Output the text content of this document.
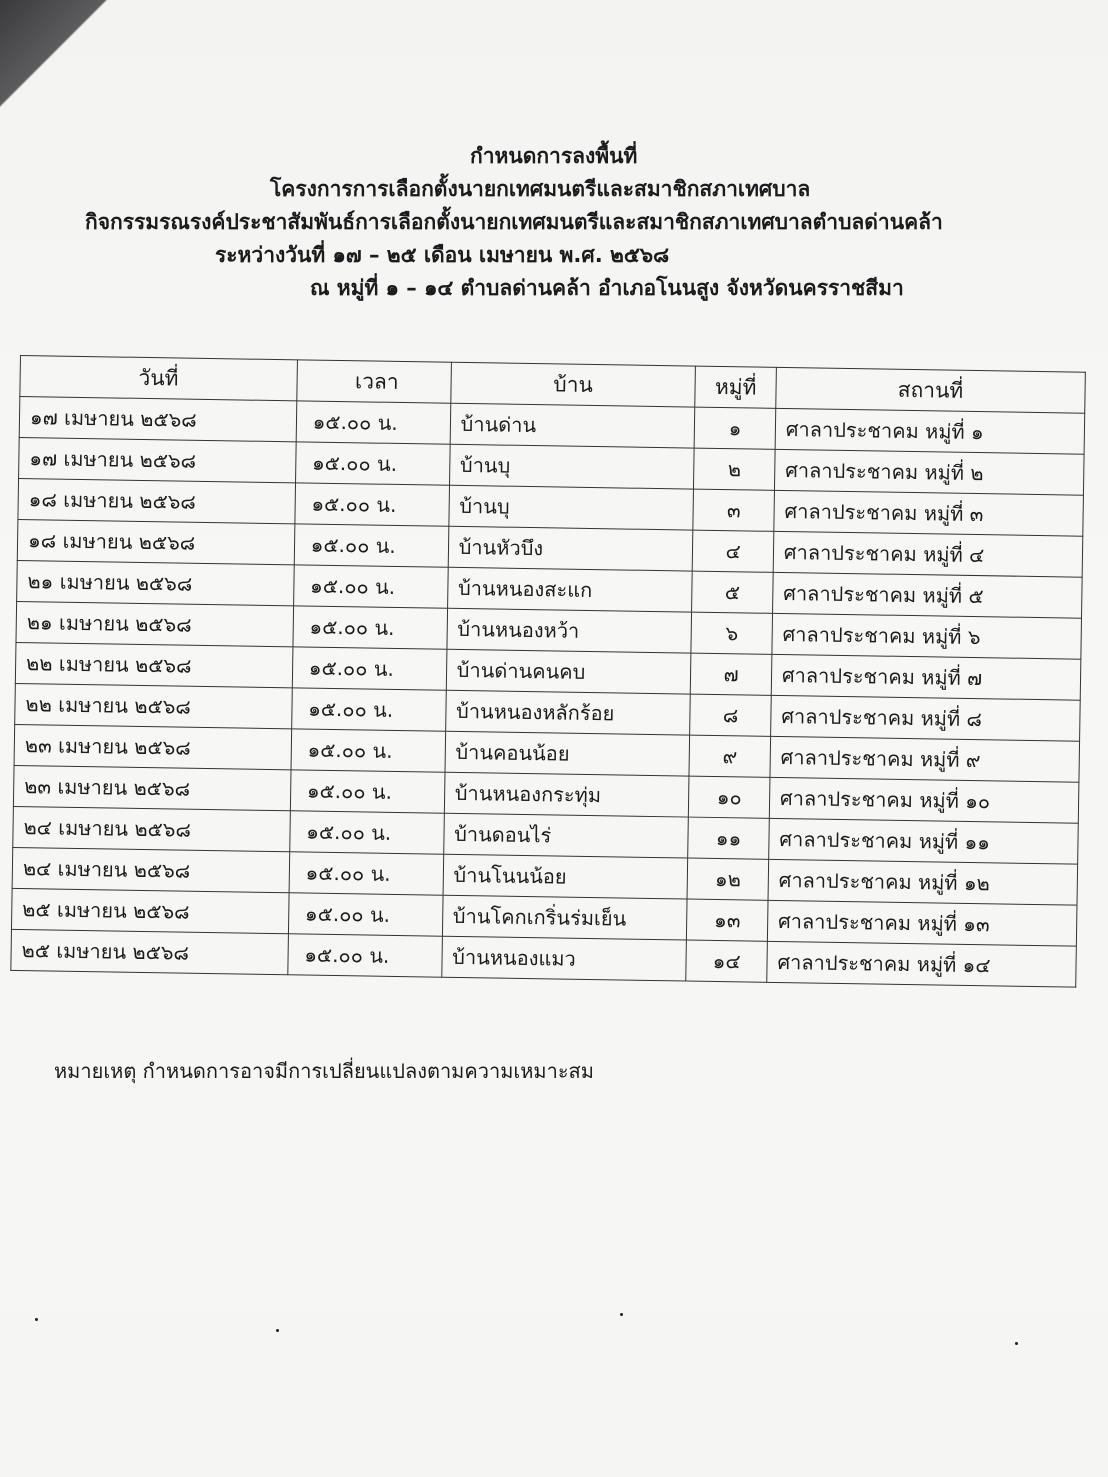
กำหนดการลงพื้นที่
โครงการการเลือกตั้งนายกเทศมนตรีและสมาชิกสภาเทศบาล
กิจกรรมรณรงค์ประชาสัมพันธ์การเลือกตั้งนายกเทศมนตรีและสมาชิกสภาเทศบาลตำบลด่านคล้า
ระหว่างวันที่ ๑๗ – ๒๕ เดือน เมษายน พ.ศ. ๒๕๖๘
ณ หมู่ที่ ๑ – ๑๔ ตำบลด่านคล้า อำเภอโนนสูง จังหวัดนครราชสีมา
วันที่	เวลา	บ้าน	หมู่ที่	สถานที่
๑๗ เมษายน ๒๕๖๘	๑๕.๐๐ น.	บ้านด่าน	๑	ศาลาประชาคม หมู่ที่ ๑
๑๗ เมษายน ๒๕๖๘	๑๕.๐๐ น.	บ้านบุ	๒	ศาลาประชาคม หมู่ที่ ๒
๑๘ เมษายน ๒๕๖๘	๑๕.๐๐ น.	บ้านบุ	๓	ศาลาประชาคม หมู่ที่ ๓
๑๘ เมษายน ๒๕๖๘	๑๕.๐๐ น.	บ้านหัวบึง	๔	ศาลาประชาคม หมู่ที่ ๔
๒๑ เมษายน ๒๕๖๘	๑๕.๐๐ น.	บ้านหนองสะแก	๕	ศาลาประชาคม หมู่ที่ ๕
๒๑ เมษายน ๒๕๖๘	๑๕.๐๐ น.	บ้านหนองหว้า	๖	ศาลาประชาคม หมู่ที่ ๖
๒๒ เมษายน ๒๕๖๘	๑๕.๐๐ น.	บ้านด่านคนคบ	๗	ศาลาประชาคม หมู่ที่ ๗
๒๒ เมษายน ๒๕๖๘	๑๕.๐๐ น.	บ้านหนองหลักร้อย	๘	ศาลาประชาคม หมู่ที่ ๘
๒๓ เมษายน ๒๕๖๘	๑๕.๐๐ น.	บ้านคอนน้อย	๙	ศาลาประชาคม หมู่ที่ ๙
๒๓ เมษายน ๒๕๖๘	๑๕.๐๐ น.	บ้านหนองกระทุ่ม	๑๐	ศาลาประชาคม หมู่ที่ ๑๐
๒๔ เมษายน ๒๕๖๘	๑๕.๐๐ น.	บ้านดอนไร่	๑๑	ศาลาประชาคม หมู่ที่ ๑๑
๒๔ เมษายน ๒๕๖๘	๑๕.๐๐ น.	บ้านโนนน้อย	๑๒	ศาลาประชาคม หมู่ที่ ๑๒
๒๕ เมษายน ๒๕๖๘	๑๕.๐๐ น.	บ้านโคกเกริ่นร่มเย็น	๑๓	ศาลาประชาคม หมู่ที่ ๑๓
๒๕ เมษายน ๒๕๖๘	๑๕.๐๐ น.	บ้านหนองแมว	๑๔	ศาลาประชาคม หมู่ที่ ๑๔
หมายเหตุ กำหนดการอาจมีการเปลี่ยนแปลงตามความเหมาะสม
